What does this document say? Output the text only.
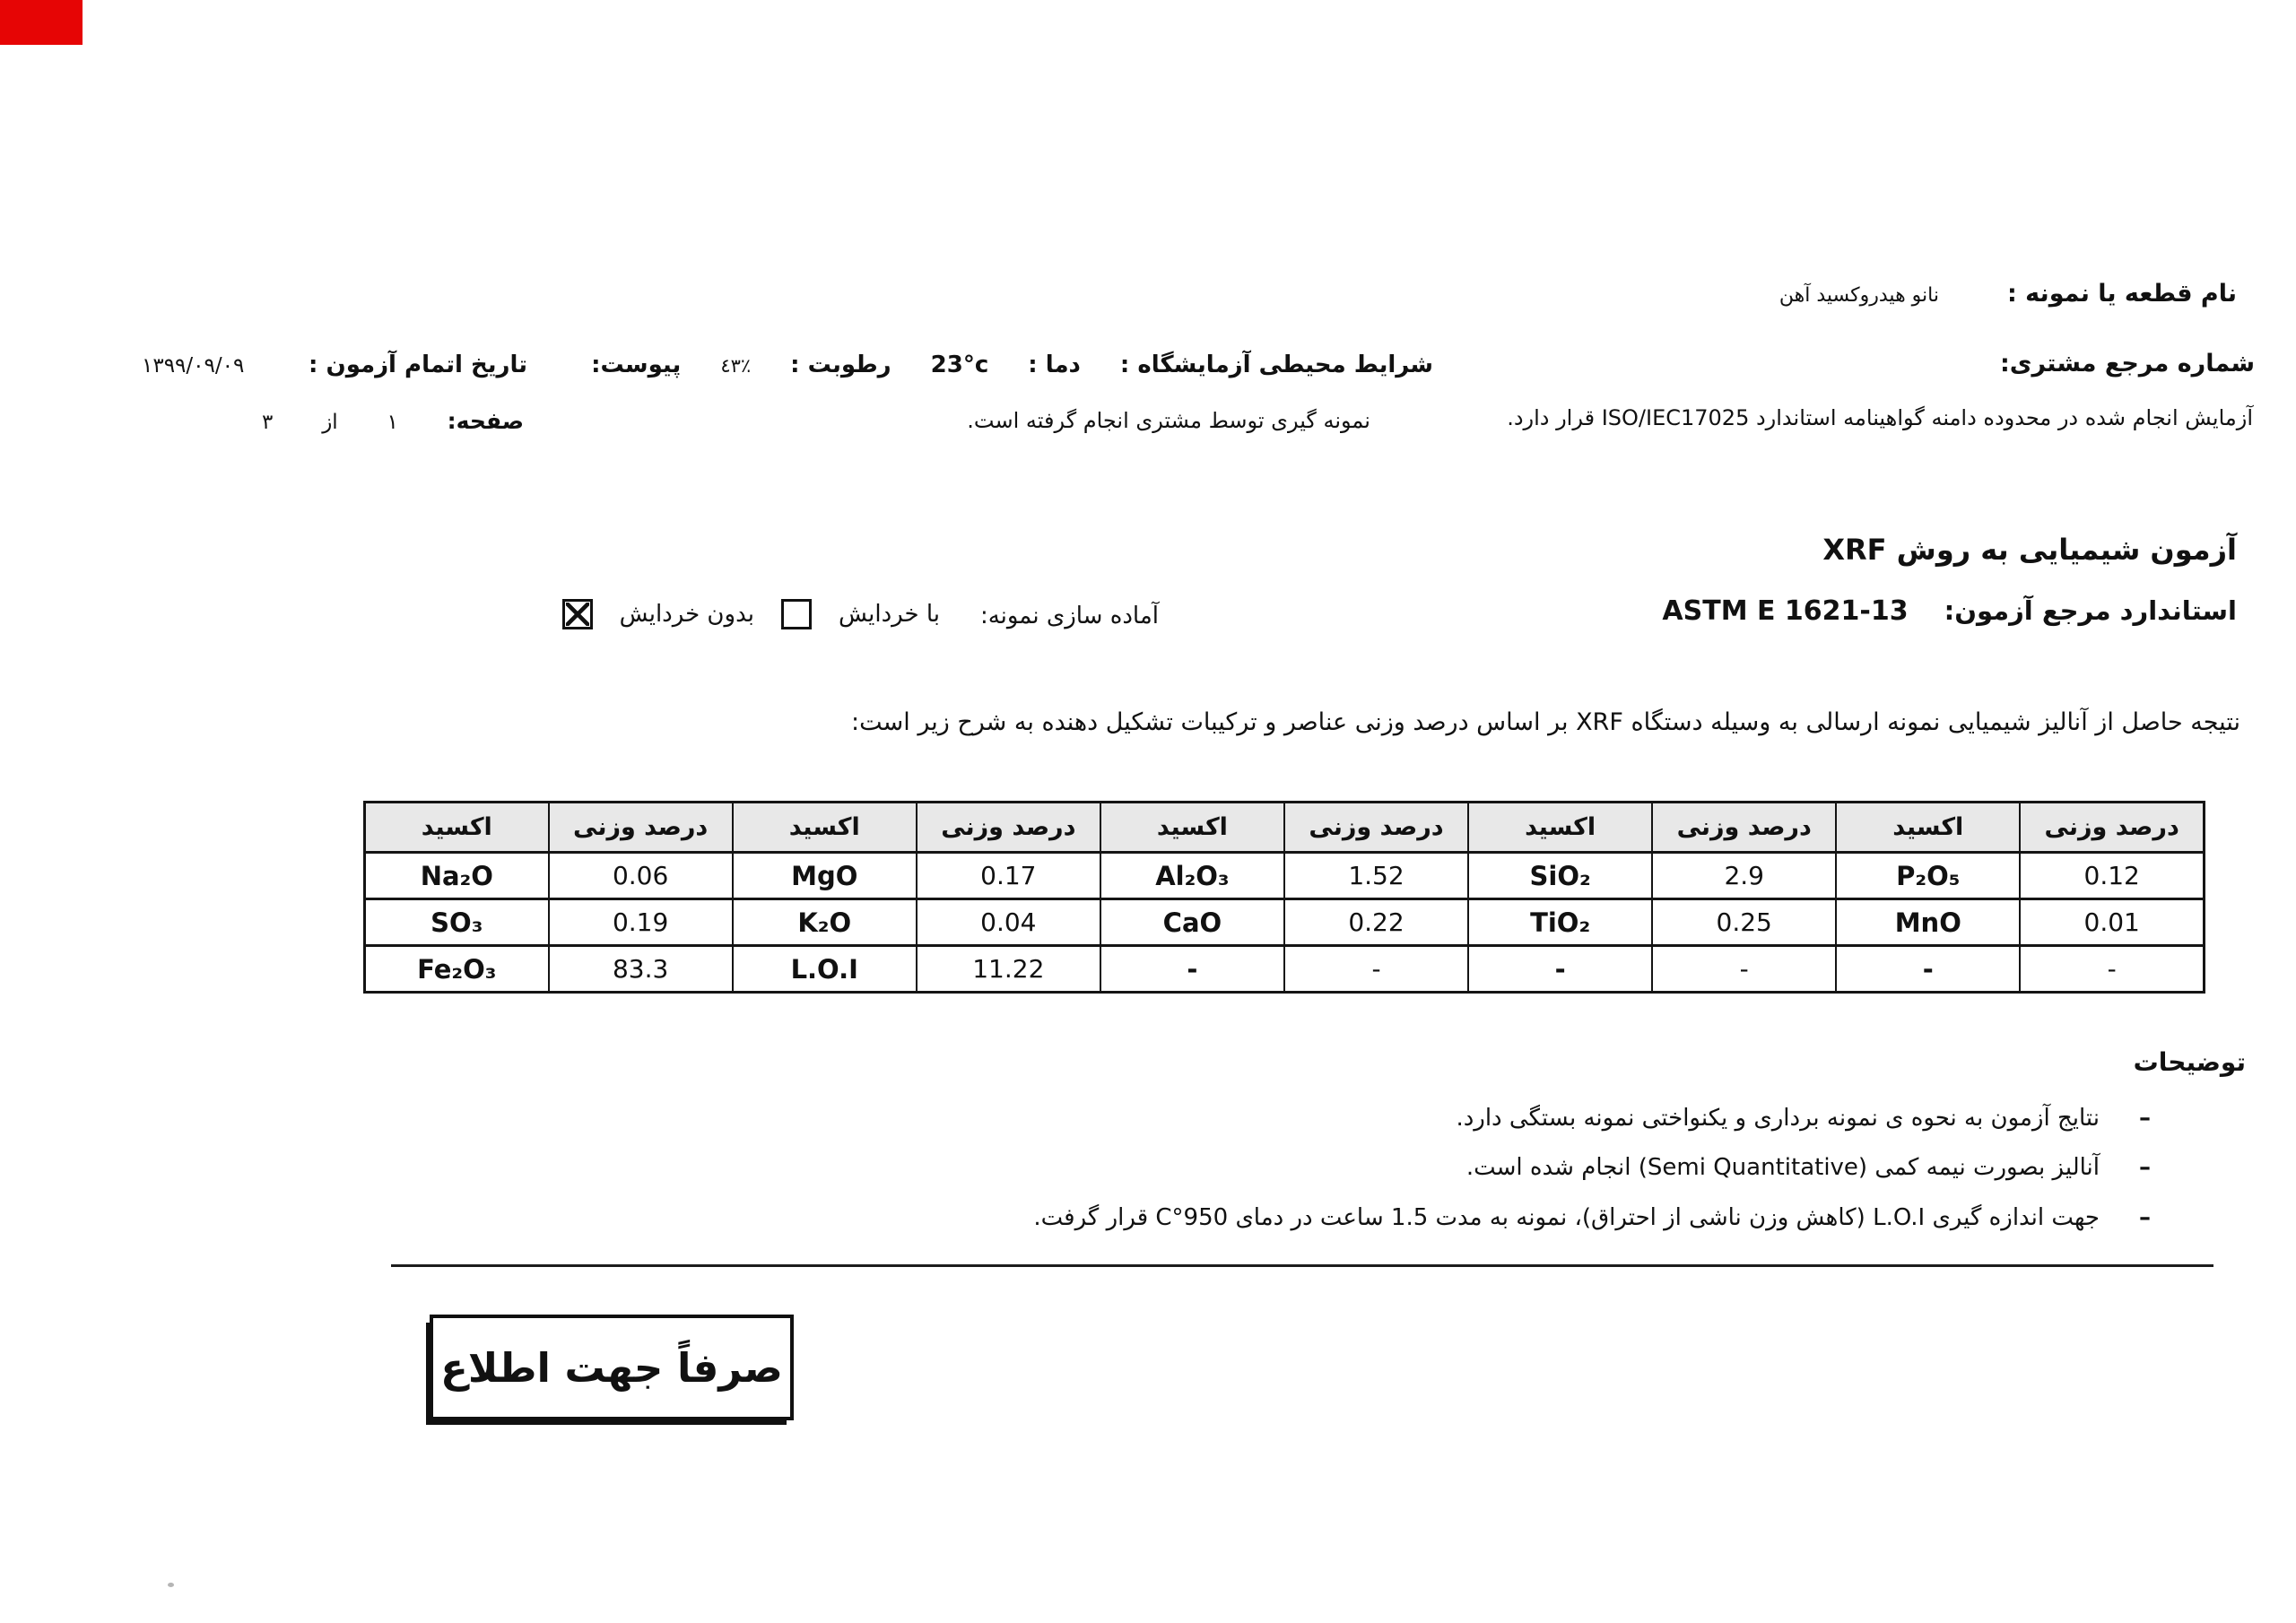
نام قطعه یا نمونه :
نانو هیدروکسید آهن
شماره مرجع مشتری:
شرایط محیطی آزمایشگاه :
دما :
23°c
رطوبت :
٤٣٪
پیوست:
تاریخ اتمام آزمون :
١٣٩٩/٠٩/٠٩
آزمایش انجام شده در محدوده دامنه گواهینامه استاندارد ISO/IEC17025 قرار دارد.
نمونه گیری توسط مشتری انجام گرفته است.
صفحه:
١
از
٣
آزمون شیمیایی به روش XRF
استاندارد مرجع آزمون:
ASTM E 1621-13
آماده سازی نمونه:
با خردایش
بدون خردایش
نتیجه حاصل از آنالیز شیمیایی نمونه ارسالی به وسیله دستگاه XRF بر اساس درصد وزنی عناصر و ترکیبات تشکیل دهنده به شرح زیر است:
اکسید	درصد وزنی	اکسید	درصد وزنی	اکسید	درصد وزنی	اکسید	درصد وزنی	اکسید	درصد وزنی
Na₂O	0.06	MgO	0.17	Al₂O₃	1.52	SiO₂	2.9	P₂O₅	0.12
SO₃	0.19	K₂O	0.04	CaO	0.22	TiO₂	0.25	MnO	0.01
Fe₂O₃	83.3	L.O.I	11.22	-	-	-	-	-	-
توضیحات
–
نتایج آزمون به نحوه ی نمونه برداری و یکنواختی نمونه بستگی دارد.
–
آنالیز بصورت نیمه کمی (Semi Quantitative) انجام شده است.
–
جهت اندازه گیری L.O.I (کاهش وزن ناشی از احتراق)، نمونه به مدت 1.5 ساعت در دمای 950°C قرار گرفت.
صرفاً جهت اطلاع
